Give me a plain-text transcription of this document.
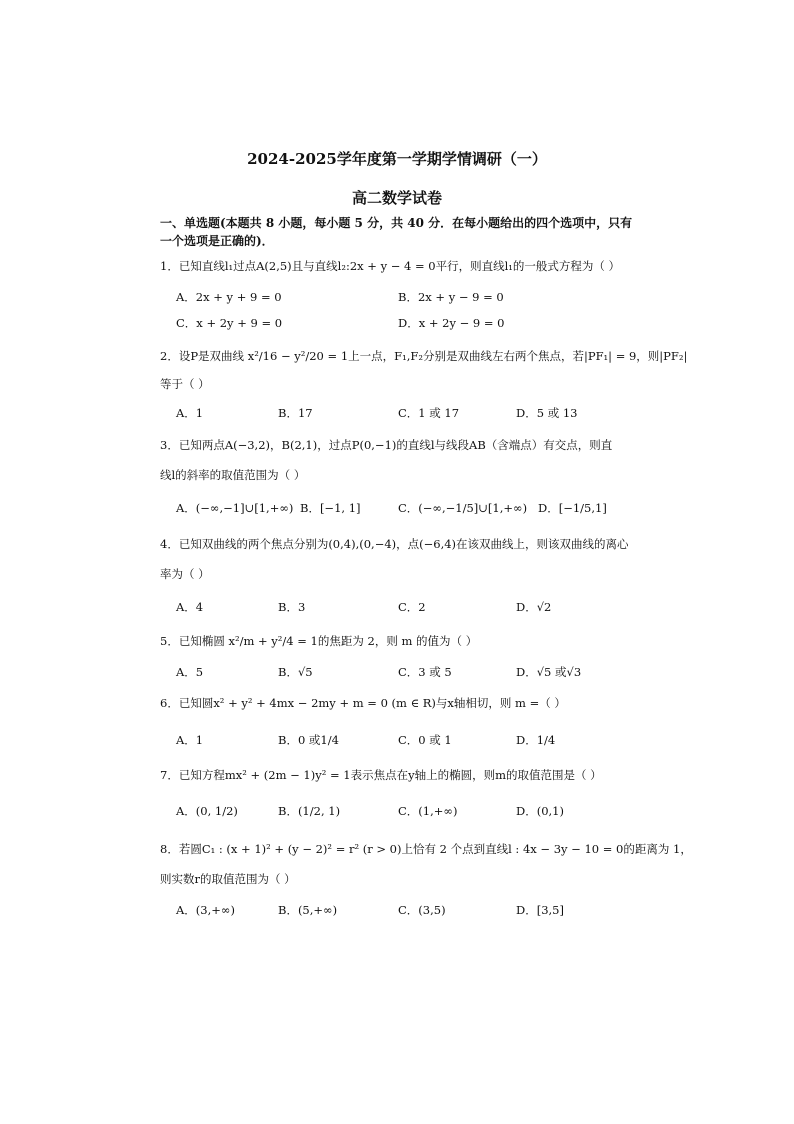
2024-2025学年度第一学期学情调研（一）
高二数学试卷
一、单选题(本题共 8 小题，每小题 5 分，共 40 分．在每小题给出的四个选项中，只有
一个选项是正确的)．
1．已知直线l₁过点A(2,5)且与直线l₂:2x + y − 4 = 0平行，则直线l₁的一般式方程为（ ）
A．2x + y + 9 = 0	B．2x + y − 9 = 0
C．x + 2y + 9 = 0	D．x + 2y − 9 = 0
2．设P是双曲线 x²/16 − y²/20 = 1上一点，F₁,F₂分别是双曲线左右两个焦点，若|PF₁| = 9，则|PF₂|
等于（ ）
A．1	B．17	C．1 或 17	D．5 或 13
3．已知两点A(−3,2)，B(2,1)，过点P(0,−1)的直线l与线段AB（含端点）有交点，则直
线l的斜率的取值范围为（ ）
A．(−∞,−1]∪[1,+∞) B．[−1, 1]	C．(−∞,−1/5]∪[1,+∞) D．[−1/5,1]
4．已知双曲线的两个焦点分别为(0,4),(0,−4)，点(−6,4)在该双曲线上，则该双曲线的离心
率为（ ）
A．4	B．3	C．2	D．√2
5．已知椭圆 x²/m + y²/4 = 1的焦距为 2，则 m 的值为（ ）
A．5	B．√5	C．3 或 5	D．√5 或√3
6．已知圆x² + y² + 4mx − 2my + m = 0 (m ∈ R)与x轴相切，则 m =（ ）
A．1	B．0 或1/4	C．0 或 1	D．1/4
7．已知方程mx² + (2m − 1)y² = 1表示焦点在y轴上的椭圆，则m的取值范围是（ ）
A．(0, 1/2)	B．(1/2, 1)	C．(1,+∞)	D．(0,1)
8．若圆C₁ : (x + 1)² + (y − 2)² = r² (r > 0)上恰有 2 个点到直线l : 4x − 3y − 10 = 0的距离为 1，
则实数r的取值范围为（ ）
A．(3,+∞)	B．(5,+∞)	C．(3,5)	D．[3,5]
